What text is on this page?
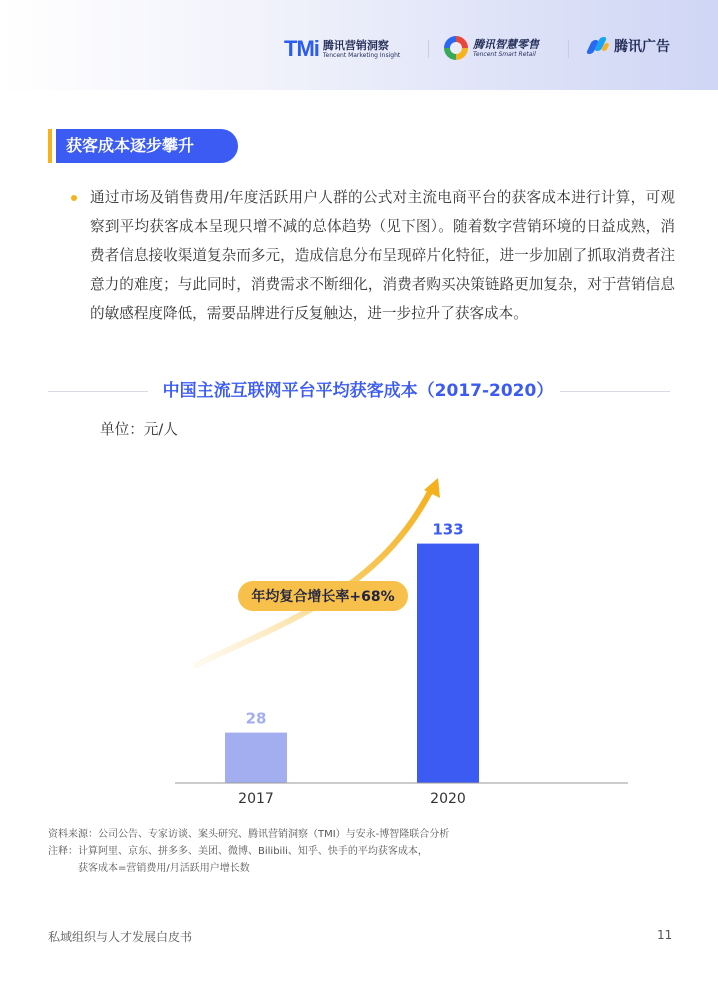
TMi 腾讯营销洞察
Tencent Marketing Insight
腾讯智慧零售
Tencent Smart Retail	腾讯广告
获客成本逐步攀升
通过市场及销售费用/年度活跃用户人群的公式对主流电商平台的获客成本进行计算，可观察到平均获客成本呈现只增不减的总体趋势（见下图）。随着数字营销环境的日益成熟，消费者信息接收渠道复杂而多元，造成信息分布呈现碎片化特征，进一步加剧了抓取消费者注意力的难度；与此同时，消费需求不断细化，消费者购买决策链路更加复杂，对于营销信息的敏感程度降低，需要品牌进行反复触达，进一步拉升了获客成本。
中国主流互联网平台平均获客成本（2017-2020）
单位：元/人
28
133
2017	2020
年均复合增长率+68%
资料来源：公司公告、专家访谈、案头研究、腾讯营销洞察（TMI）与安永-博智隆联合分析
注释：计算阿里、京东、拼多多、美团、微博、Bilibili、知乎、快手的平均获客成本，
获客成本=营销费用/月活跃用户增长数
私域组织与人才发展白皮书	11
